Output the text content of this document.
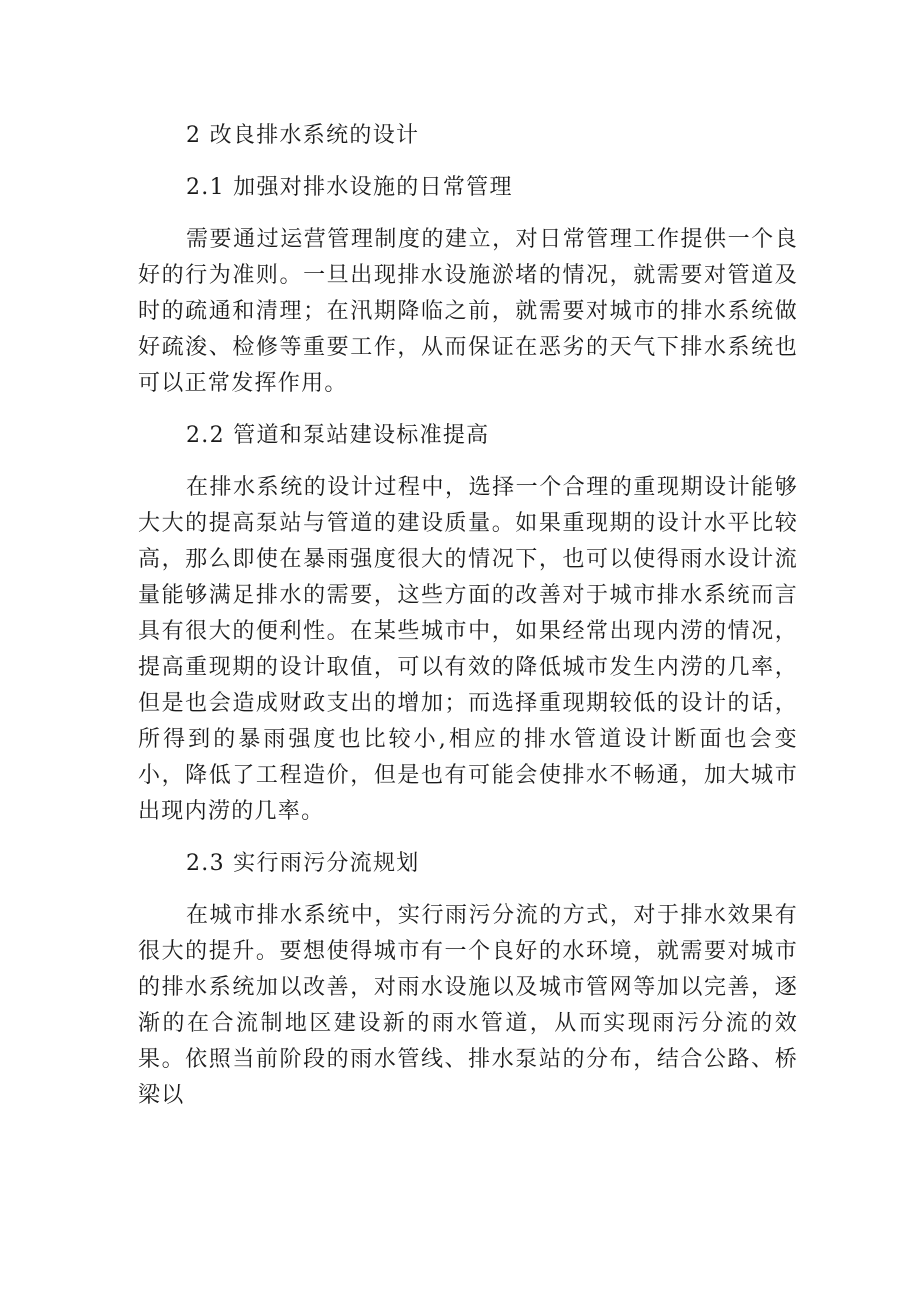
2 改良排水系统的设计

2.1 加强对排水设施的日常管理

需要通过运营管理制度的建立，对日常管理工作提供一个良好的行为准则。一旦出现排水设施淤堵的情况，就需要对管道及时的疏通和清理；在汛期降临之前，就需要对城市的排水系统做好疏浚、检修等重要工作，从而保证在恶劣的天气下排水系统也可以正常发挥作用。

2.2 管道和泵站建设标准提高

在排水系统的设计过程中，选择一个合理的重现期设计能够大大的提高泵站与管道的建设质量。如果重现期的设计水平比较高，那么即使在暴雨强度很大的情况下，也可以使得雨水设计流量能够满足排水的需要，这些方面的改善对于城市排水系统而言具有很大的便利性。在某些城市中，如果经常出现内涝的情况，提高重现期的设计取值，可以有效的降低城市发生内涝的几率，但是也会造成财政支出的增加；而选择重现期较低的设计的话，所得到的暴雨强度也比较小,相应的排水管道设计断面也会变小，降低了工程造价，但是也有可能会使排水不畅通，加大城市出现内涝的几率。

2.3 实行雨污分流规划

在城市排水系统中，实行雨污分流的方式，对于排水效果有很大的提升。要想使得城市有一个良好的水环境，就需要对城市的排水系统加以改善，对雨水设施以及城市管网等加以完善，逐渐的在合流制地区建设新的雨水管道，从而实现雨污分流的效果。依照当前阶段的雨水管线、排水泵站的分布，结合公路、桥梁以
